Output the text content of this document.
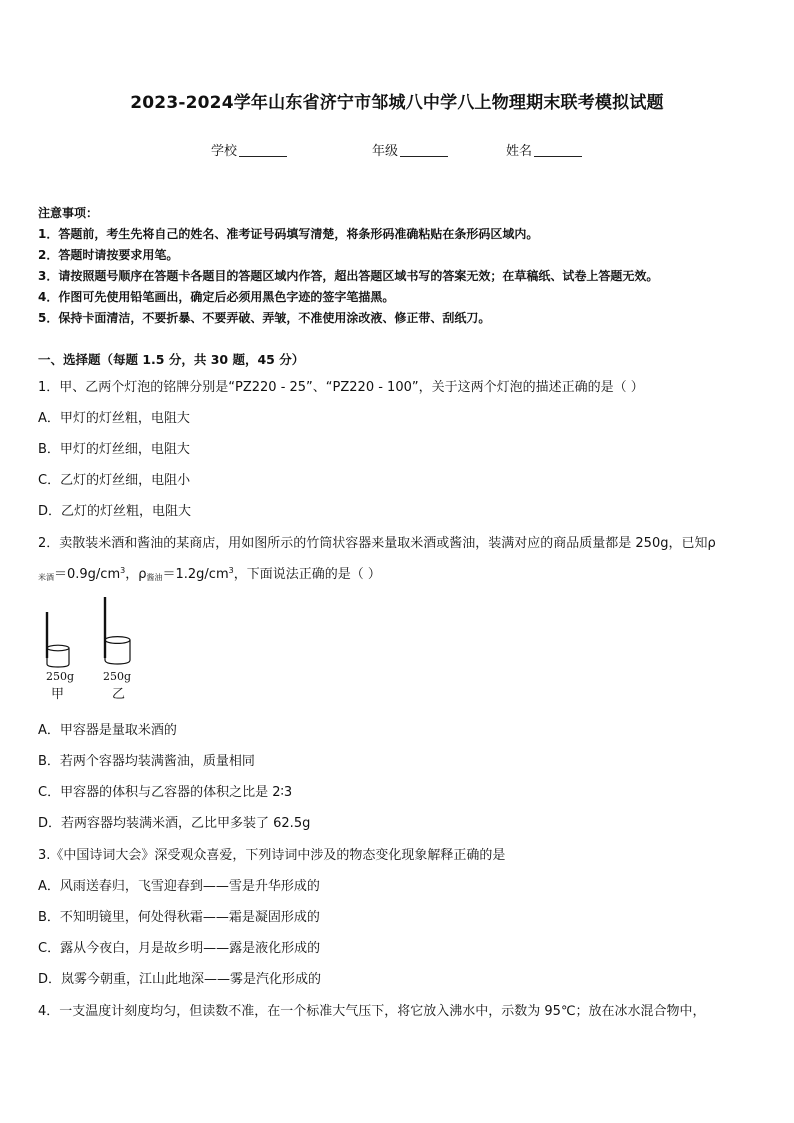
2023-2024学年山东省济宁市邹城八中学八上物理期末联考模拟试题
学校	年级	姓名
注意事项：
1．答题前，考生先将自己的姓名、准考证号码填写清楚，将条形码准确粘贴在条形码区域内。
2．答题时请按要求用笔。
3．请按照题号顺序在答题卡各题目的答题区域内作答，超出答题区域书写的答案无效；在草稿纸、试卷上答题无效。
4．作图可先使用铅笔画出，确定后必须用黑色字迹的签字笔描黑。
5．保持卡面清洁，不要折暴、不要弄破、弄皱，不准使用涂改液、修正带、刮纸刀。
一、选择题（每题 1.5 分，共 30 题，45 分）
1．甲、乙两个灯泡的铭牌分别是“PZ220 - 25”、“PZ220 - 100”，关于这两个灯泡的描述正确的是（ ）
A．甲灯的灯丝粗，电阻大
B．甲灯的灯丝细，电阻大
C．乙灯的灯丝细，电阻小
D．乙灯的灯丝粗，电阻大
2．卖散装米酒和酱油的某商店，用如图所示的竹筒状容器来量取米酒或酱油，装满对应的商品质量都是 250g，已知ρ
$_{米酒}=0.9g/cm^3$，$\rho_{酱油}=1.2g/cm^3$，下面说法正确的是（ ）
250g	250g
甲	乙
A．甲容器是量取米酒的
B．若两个容器均装满酱油，质量相同
C．甲容器的体积与乙容器的体积之比是 2∶3
D．若两容器均装满米酒，乙比甲多装了 62.5g
3.《中国诗词大会》深受观众喜爱，下列诗词中涉及的物态变化现象解释正确的是
A．风雨送春归，飞雪迎春到——雪是升华形成的
B．不知明镜里，何处得秋霜——霜是凝固形成的
C．露从今夜白，月是故乡明——露是液化形成的
D．岚雾今朝重，江山此地深——雾是汽化形成的
4．一支温度计刻度均匀，但读数不准，在一个标准大气压下，将它放入沸水中，示数为 95℃；放在冰水混合物中，
